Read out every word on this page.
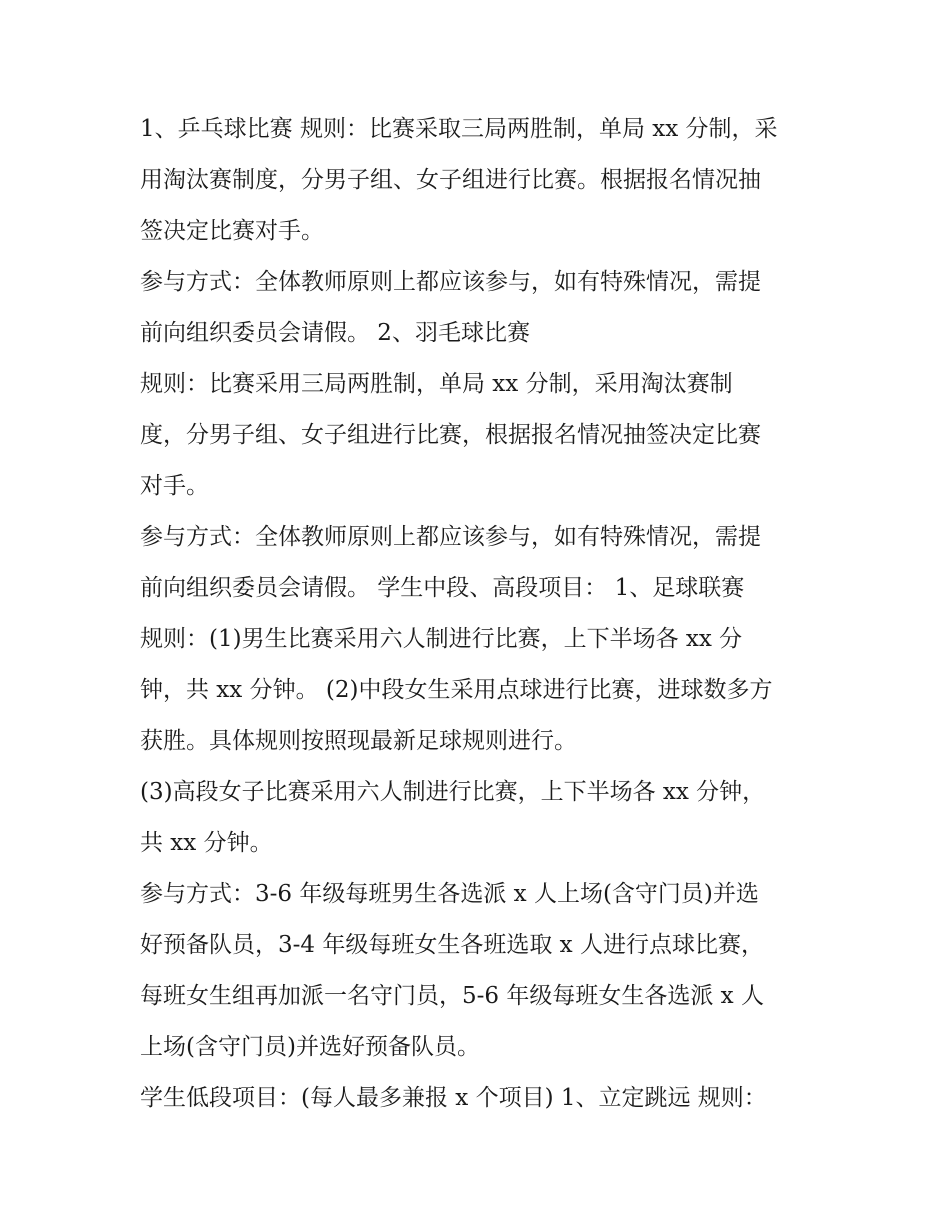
1、乒乓球比赛 规则：比赛采取三局两胜制，单局 xx 分制，采
用淘汰赛制度，分男子组、女子组进行比赛。根据报名情况抽
签决定比赛对手。
参与方式：全体教师原则上都应该参与，如有特殊情况，需提
前向组织委员会请假。 2、羽毛球比赛
规则：比赛采用三局两胜制，单局 xx 分制，采用淘汰赛制
度，分男子组、女子组进行比赛，根据报名情况抽签决定比赛
对手。
参与方式：全体教师原则上都应该参与，如有特殊情况，需提
前向组织委员会请假。 学生中段、高段项目： 1、足球联赛
规则：(1)男生比赛采用六人制进行比赛，上下半场各 xx 分
钟，共 xx 分钟。 (2)中段女生采用点球进行比赛，进球数多方
获胜。具体规则按照现最新足球规则进行。
(3)高段女子比赛采用六人制进行比赛，上下半场各 xx 分钟，
共 xx 分钟。
参与方式：3-6 年级每班男生各选派 x 人上场(含守门员)并选
好预备队员，3-4 年级每班女生各班选取 x 人进行点球比赛，
每班女生组再加派一名守门员，5-6 年级每班女生各选派 x 人
上场(含守门员)并选好预备队员。
学生低段项目：(每人最多兼报 x 个项目) 1、立定跳远 规则：
